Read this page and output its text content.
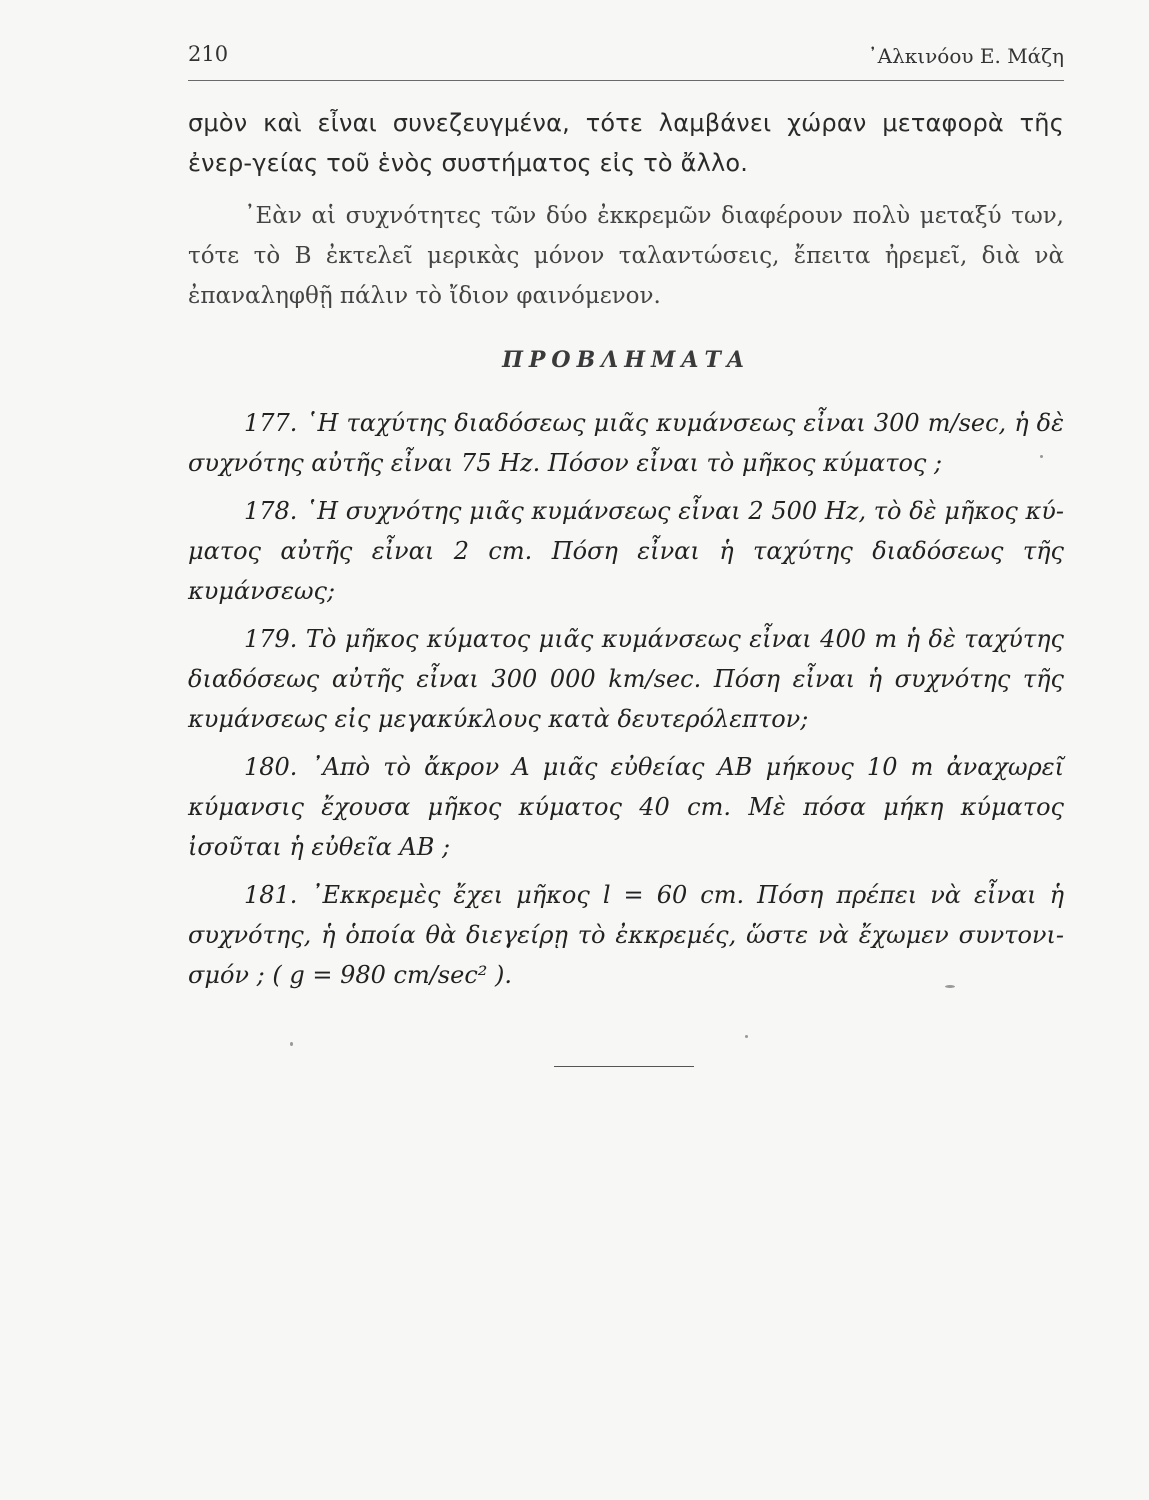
210	᾽Αλκινόου Ε. Μάζη

σμὸν καὶ εἶναι συνεζευγμένα, τότε λαμβάνει χώραν μεταφορὰ τῆς ἐνερ-γείας τοῦ ἑνὸς συστήματος εἰς τὸ ἄλλο.

᾽Εὰν αἱ συχνότητες τῶν δύο ἐκκρεμῶν διαφέρουν πολὺ μεταξύ των, τότε τὸ Β ἐκτελεῖ μερικὰς μόνον ταλαντώσεις, ἔπειτα ἠρεμεῖ, διὰ νὰ ἐπαναληφθῇ πάλιν τὸ ἴδιον φαινόμενον.

ΠΡΟΒΛΗΜΑΤΑ

177. ῾Η ταχύτης διαδόσεως μιᾶς κυμάνσεως εἶναι 300 m/sec, ἡ δὲ συχνότης αὐτῆς εἶναι 75 Hz. Πόσον εἶναι τὸ μῆκος κύματος ;

178. ῾Η συχνότης μιᾶς κυμάνσεως εἶναι 2 500 Hz, τὸ δὲ μῆκος κύ-ματος αὐτῆς εἶναι 2 cm. Πόση εἶναι ἡ ταχύτης διαδόσεως τῆς κυμάνσεως;

179. Τὸ μῆκος κύματος μιᾶς κυμάνσεως εἶναι 400 m ἡ δὲ ταχύτης διαδόσεως αὐτῆς εἶναι 300 000 km/sec. Πόση εἶναι ἡ συχνότης τῆς κυμάνσεως εἰς μεγακύκλους κατὰ δευτερόλεπτον;

180. ᾽Απὸ τὸ ἄκρον Α μιᾶς εὐθείας ΑΒ μήκους 10 m ἀναχωρεῖ κύμανσις ἔχουσα μῆκος κύματος 40 cm. Μὲ πόσα μήκη κύματος ἰσοῦται ἡ εὐθεῖα ΑΒ ;

181. ᾽Εκκρεμὲς ἔχει μῆκος l = 60 cm. Πόση πρέπει νὰ εἶναι ἡ συχνότης, ἡ ὁποία θὰ διεγείρῃ τὸ ἐκκρεμές, ὥστε νὰ ἔχωμεν συντονι-σμόν ; ( g = 980 cm/sec² ).
